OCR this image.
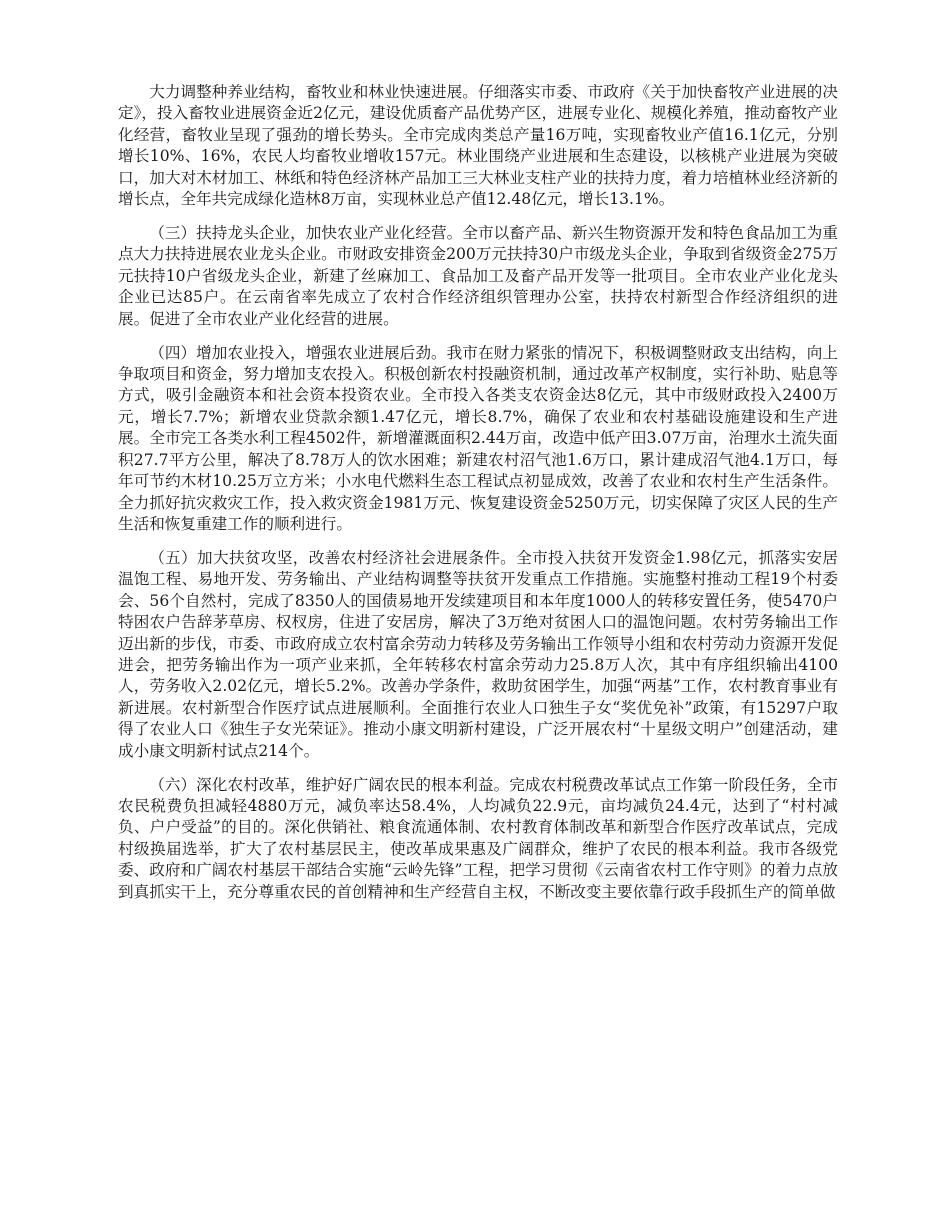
大力调整种养业结构，畜牧业和林业快速进展。仔细落实市委、市政府《关于加快畜牧产业进展的决定》，投入畜牧业进展资金近2亿元，建设优质畜产品优势产区，进展专业化、规模化养殖，推动畜牧产业化经营，畜牧业呈现了强劲的增长势头。全市完成肉类总产量16万吨，实现畜牧业产值16.1亿元，分别增长10%、16%，农民人均畜牧业增收157元。林业围绕产业进展和生态建设，以核桃产业进展为突破口，加大对木材加工、林纸和特色经济林产品加工三大林业支柱产业的扶持力度，着力培植林业经济新的增长点，全年共完成绿化造林8万亩，实现林业总产值12.48亿元，增长13.1%。

（三）扶持龙头企业，加快农业产业化经营。全市以畜产品、新兴生物资源开发和特色食品加工为重点大力扶持进展农业龙头企业。市财政安排资金200万元扶持30户市级龙头企业，争取到省级资金275万元扶持10户省级龙头企业，新建了丝麻加工、食品加工及畜产品开发等一批项目。全市农业产业化龙头企业已达85户。在云南省率先成立了农村合作经济组织管理办公室，扶持农村新型合作经济组织的进展。促进了全市农业产业化经营的进展。

（四）增加农业投入，增强农业进展后劲。我市在财力紧张的情况下，积极调整财政支出结构，向上争取项目和资金，努力增加支农投入。积极创新农村投融资机制，通过改革产权制度，实行补助、贴息等方式，吸引金融资本和社会资本投资农业。全市投入各类支农资金达8亿元，其中市级财政投入2400万元，增长7.7%；新增农业贷款余额1.47亿元，增长8.7%，确保了农业和农村基础设施建设和生产进展。全市完工各类水利工程4502件，新增灌溉面积2.44万亩，改造中低产田3.07万亩，治理水土流失面积27.7平方公里，解决了8.78万人的饮水困难；新建农村沼气池1.6万口，累计建成沼气池4.1万口，每年可节约木材10.25万立方米；小水电代燃料生态工程试点初显成效，改善了农业和农村生产生活条件。全力抓好抗灾救灾工作，投入救灾资金1981万元、恢复建设资金5250万元，切实保障了灾区人民的生产生活和恢复重建工作的顺利进行。

（五）加大扶贫攻坚，改善农村经济社会进展条件。全市投入扶贫开发资金1.98亿元，抓落实安居温饱工程、易地开发、劳务输出、产业结构调整等扶贫开发重点工作措施。实施整村推动工程19个村委会、56个自然村，完成了8350人的国债易地开发续建项目和本年度1000人的转移安置任务，使5470户特困农户告辞茅草房、权杈房，住进了安居房，解决了3万绝对贫困人口的温饱问题。农村劳务输出工作迈出新的步伐，市委、市政府成立农村富余劳动力转移及劳务输出工作领导小组和农村劳动力资源开发促进会，把劳务输出作为一项产业来抓，全年转移农村富余劳动力25.8万人次，其中有序组织输出4100人，劳务收入2.02亿元，增长5.2%。改善办学条件，救助贫困学生，加强“两基”工作，农村教育事业有新进展。农村新型合作医疗试点进展顺利。全面推行农业人口独生子女“奖优免补”政策，有15297户取得了农业人口《独生子女光荣证》。推动小康文明新村建设，广泛开展农村“十星级文明户”创建活动，建成小康文明新村试点214个。

（六）深化农村改革，维护好广阔农民的根本利益。完成农村税费改革试点工作第一阶段任务，全市农民税费负担减轻4880万元，减负率达58.4%，人均减负22.9元，亩均减负24.4元，达到了“村村减负、户户受益”的目的。深化供销社、粮食流通体制、农村教育体制改革和新型合作医疗改革试点，完成村级换届选举，扩大了农村基层民主，使改革成果惠及广阔群众，维护了农民的根本利益。我市各级党委、政府和广阔农村基层干部结合实施“云岭先锋”工程，把学习贯彻《云南省农村工作守则》的着力点放到真抓实干上，充分尊重农民的首创精神和生产经营自主权，不断改变主要依靠行政手段抓生产的简单做
